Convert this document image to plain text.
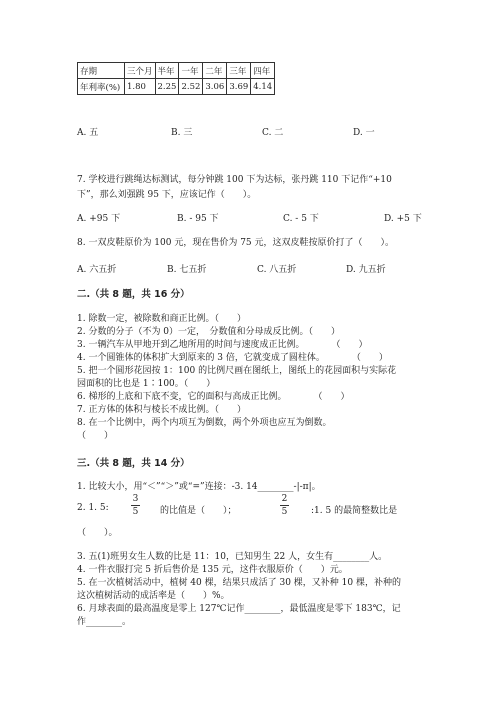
存期	三个月	半年	一年	二年	三年	四年
年利率(%)	1.80	2.25	2.52	3.06	3.69	4.14
A. 五	B. 三	C. 二	D. 一
7. 学校进行跳绳达标测试，每分钟跳 100 下为达标，张丹跳 110 下记作“+10
下”，那么刘强跳 95 下，应该记作（　　）。
A. +95 下	B. - 95 下	C. - 5 下	D. +5 下
8. 一双皮鞋原价为 100 元，现在售价为 75 元，这双皮鞋按原价打了（　　）。
A. 六五折	B. 七五折	C. 八五折	D. 九五折
二.（共 8 题，共 16 分）
1. 除数一定，被除数和商正比例。（　　）
2. 分数的分子（不为 0）一定，　分数值和分母成反比例。（　　）
3. 一辆汽车从甲地开到乙地所用的时间与速度成正比例。　　　　（　　）
4. 一个圆锥体的体积扩大到原来的 3 倍，它就变成了圆柱体。　　　　（　　）
5. 把一个圆形花园按 1：100 的比例尺画在图纸上，图纸上的花园面积与实际花
园面积的比也是 1∶100。（　　）
6. 梯形的上底和下底不变，它的面积与高成正比例。　　　　（　　）
7. 正方体的体积与棱长不成比例。（　　）
8. 在一个比例中，两个内项互为倒数，两个外项也应互为倒数。
（　　）
三.（共 8 题，共 14 分）
1. 比较大小，用“＜”“＞”或“=”连接：-3. 14________-|-π|。
2. 1. 5:
3
5 的比值是（　　）；
2
5	:1. 5 的最简整数比是
（　　）。
3. 五(1)班男女生人数的比是 11：10，已知男生 22 人，女生有________人。
4. 一件衣服打完 5 折后售价是 135 元，这件衣服原价（　　）元。
5. 在一次植树活动中，植树 40 棵，结果只成活了 30 棵，又补种 10 棵，补种的
这次植树活动的成活率是（　　）%。
6. 月球表面的最高温度是零上 127℃记作________，最低温度是零下 183℃，记
作________。
